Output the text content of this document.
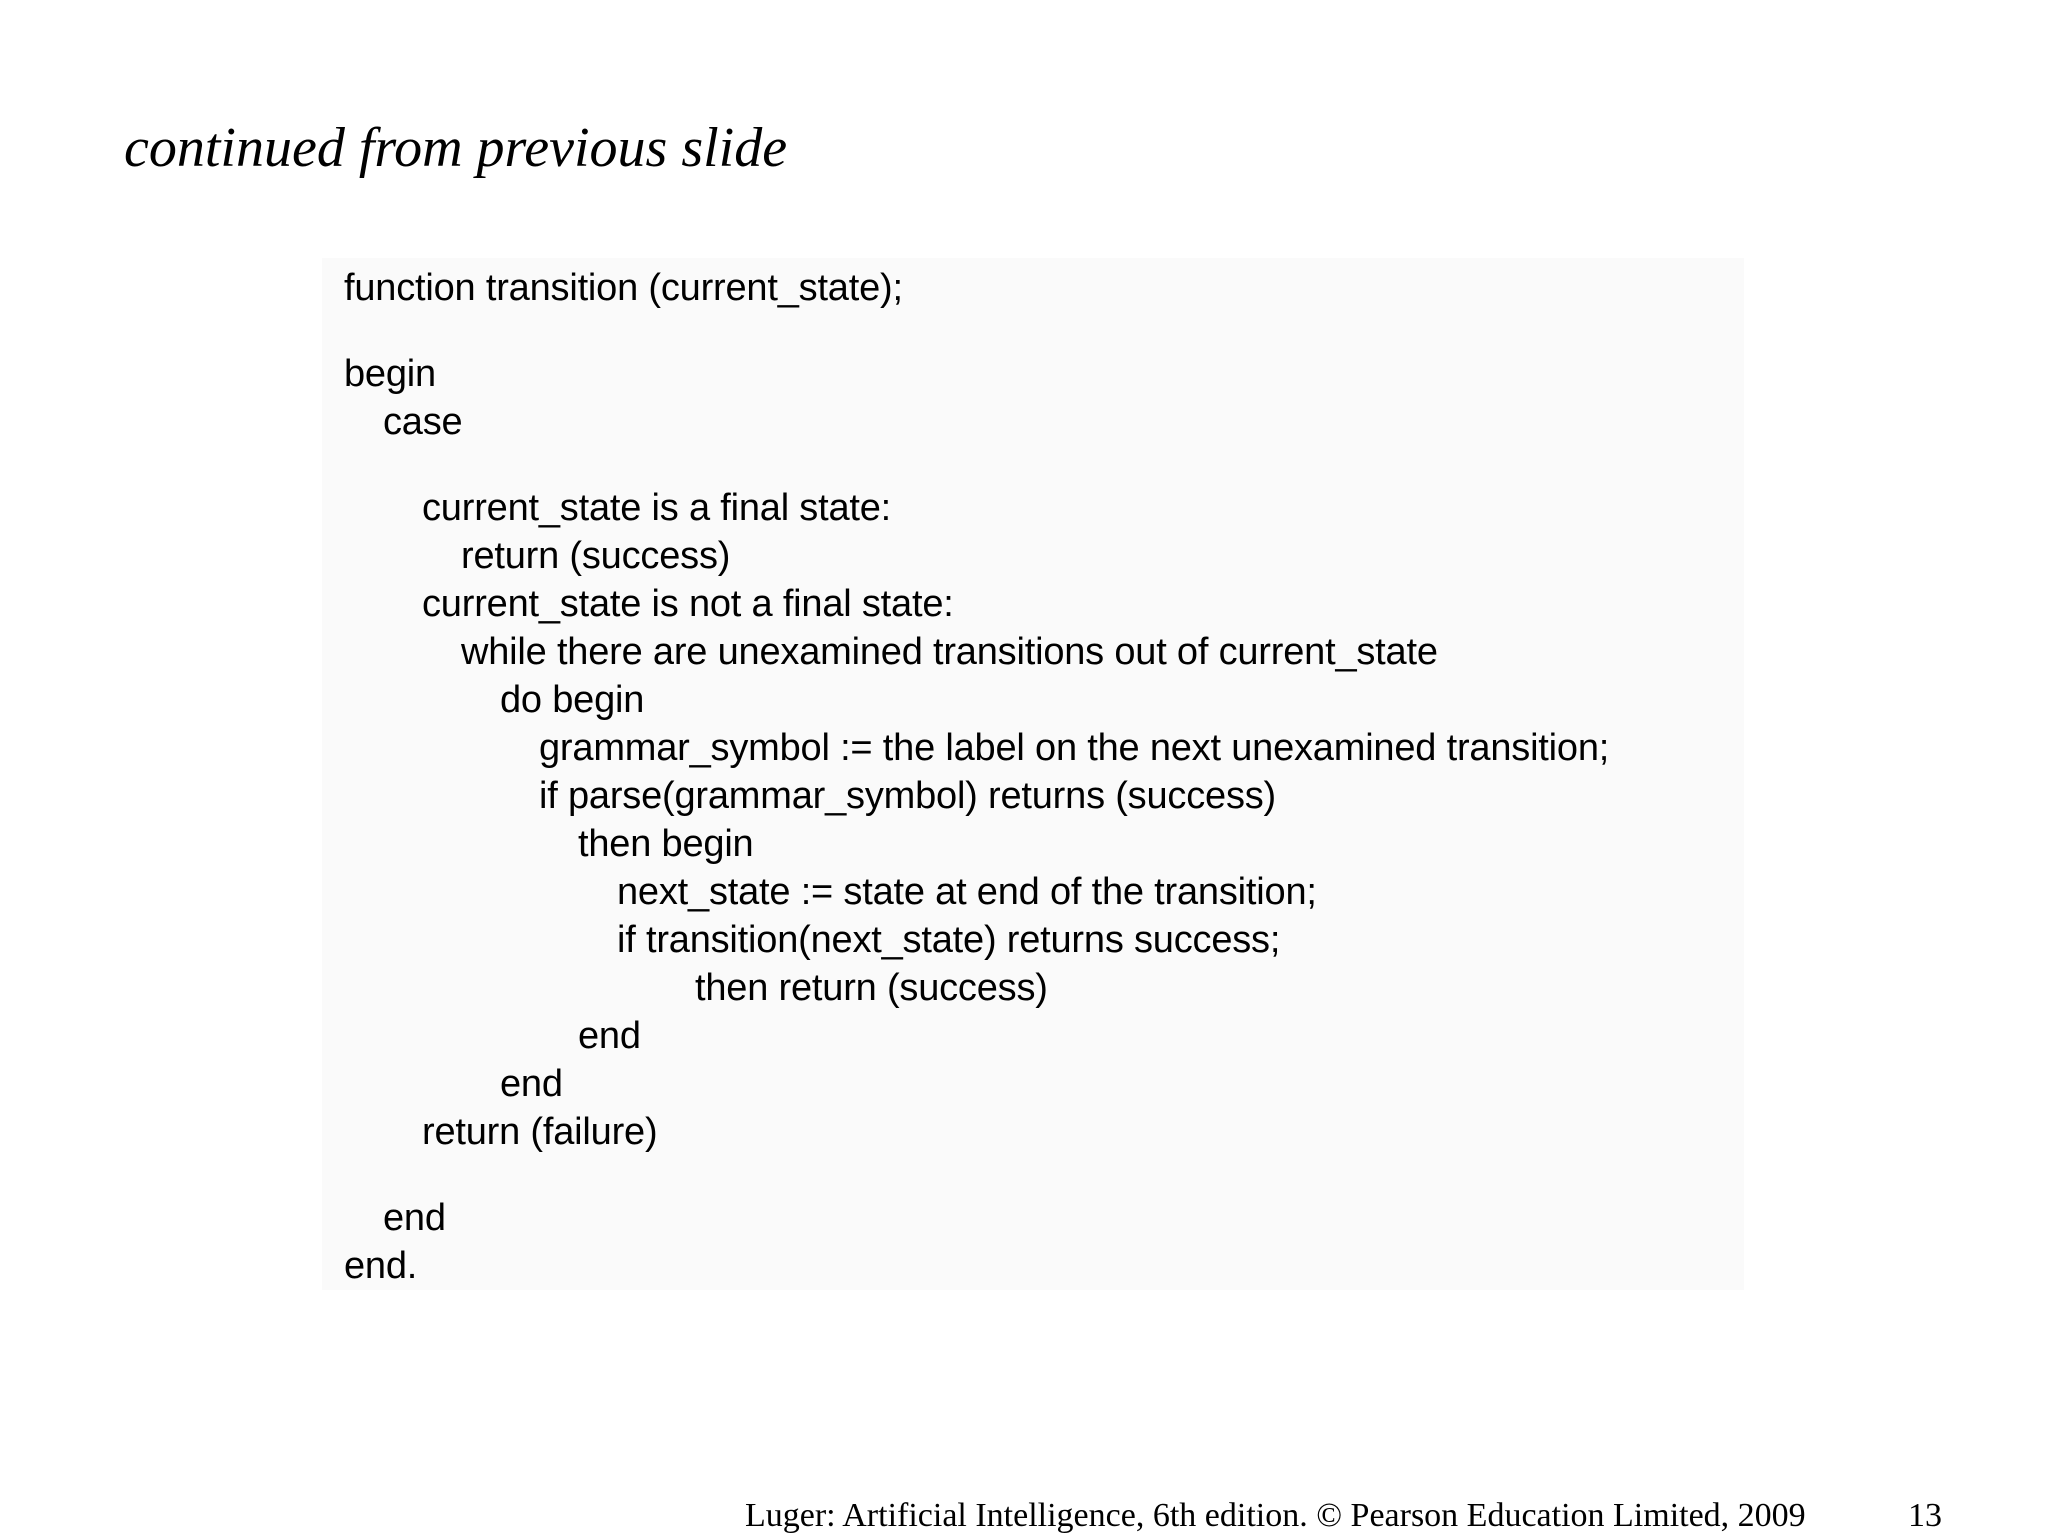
continued from previous slide
function transition (current_state);
begin
case
current_state is a final state:
return (success)
current_state is not a final state:
while there are unexamined transitions out of current_state
do begin
grammar_symbol := the label on the next unexamined transition;
if parse(grammar_symbol) returns (success)
then begin
next_state := state at end of the transition;
if transition(next_state) returns success;
then return (success)
end
end
return (failure)
end
end.
Luger: Artificial Intelligence, 6th edition. © Pearson Education Limited, 2009	13
